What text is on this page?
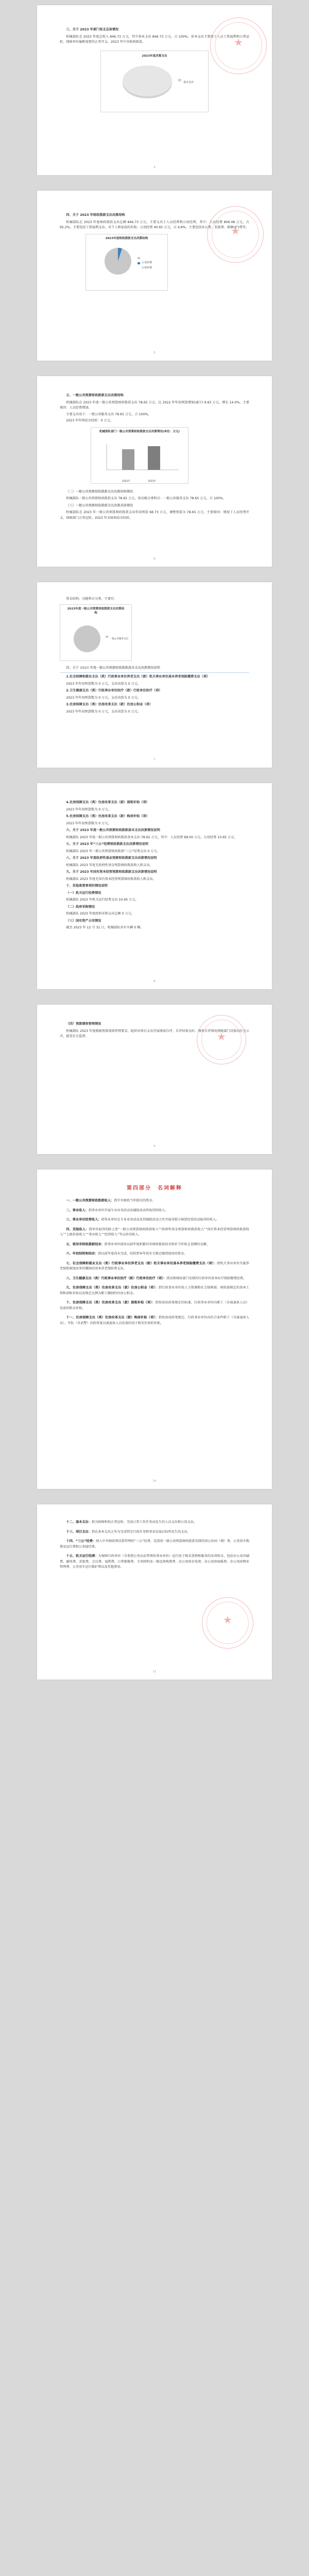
★
三、关于 2023 年部门收支总体情况
机械部队在 2023 年度总收入 846.73 万元，其中基本支出 846.73 万元，占 100%。基本支出主要用于人员工资福利和日常运转，保障单位履职需要的正常开支。2023 年中央财政拨款。
2023年度决算支出
基本支出
4
★
四、关于 2023 年财政拨款支出决算结构
机械部队在 2023 年度财政拨款支出总额 846.73 万元，主要支出于人员经费和公用经费，其中：人员经费 806.08 万元，占 95.2%，主要包括工资福利支出、对个人和家庭的补助；公用经费 40.65 万元，占 4.8%，主要包括办公费、差旅费、维修(护)费等。
2023年度财政拨款支出决算结构
人员经费
公用经费
5
五、一般公共预算财政拨款支出决算结构
机械部队在 2023 年度一般公共预算财政拨款支出 78.65 万元，比 2022 年年初预算增加(减少) 9.63 万元，增长 14.0%。主要原因：人员经费增加。
主要支出用于：一般公共服务支出 78.65 万元，占 100%。
2023 年年终结余结转：0 万元。
机械部队部门一般公共预算财政拨款支出决算情况(单位：万元)
2022年	2023年
（二）一般公共预算财政拨款支出决算结构情况
机械部队一般公共预算财政拨款支出 78.65 万元，按功能分类科目：一般公共服务支出 78.65 万元，占 100%。
（三）一般公共预算财政拨款支出决算具体情况
机械部队在 2023 年一般公共预算财政拨款支出年初预算 68.73 万元，调整预算为 78.65 万元。主要原因：增加了人员经费开支，保障部门正常运转，2023 年末财政结余结转。
6
资金结构：功能科目分类，主要有：
2023年度一般公共预算财政拨款支出决算结构
一般公共服务支出
四、关于 2023 年度一般公共预算财政拨款基本支出决算情况说明
1.社会保障和就业支出（类）行政事业单位养老支出（款）机关事业单位基本养老保险缴费支出（项）
2023 年年初预算数为 0 万元，支出决算为 0 万元。
2.卫生健康支出（类）行政事业单位医疗（款）行政单位医疗（项）
2023 年年初预算数为 0 万元，支出决算为 0 万元。
3.住房保障支出（类）住房改革支出（款）住房公积金（项）
2023 年年初预算数为 0 万元，支出决算为 0 万元。
7
4.住房保障支出（类）住房改革支出（款）提租补贴（项）
2023 年年初预算数为 0 万元。
5.住房保障支出（类）住房改革支出（款）购房补贴（项）
2023 年年初预算数为 0 万元。
六、关于 2023 年度一般公共预算财政拨款基本支出决算情况说明
机械部队 2023 年度一般公共预算财政拨款基本支出 78.65 万元，其中：人员经费 68.00 万元，公用经费 10.65 万元。
七、关于 2023 年“三公”经费财政拨款支出决算情况说明
机械部队 2023 年一般公共预算财政拨款“三公”经费支出 0 万元。
八、关于 2023 年度政府性基金预算财政拨款支出决算情况说明
机械部队 2023 年度无政府性基金预算财政拨款收入和支出。
九、关于 2023 年国有资本经营预算财政拨款支出决算情况说明
机械部队 2023 年度无国有资本经营预算财政拨款收入和支出。
十、其他重要事项的情况说明
（一）机关运行经费情况
机械部队 2023 年机关运行经费支出 10.65 万元。
（二）政府采购情况
机械部队 2023 年度政府采购支出总额 0 万元。
（三）国有资产占用情况
截至 2023 年 12 月 31 日，机械部队共有车辆 0 辆。
8
★
（四）预算绩效管理情况
机械部队 2023 年度根据预算绩效管理要求，组织对项目支出开展绩效自评，自评结果良好。绩效自评情况将随部门决算向社会公开，接受社会监督。
9
第四部分　名词解释
一、一般公共预算财政拨款收入：指中央财政当年拨付的资金。
二、事业收入：指事业单位开展专业业务活动及辅助活动所取得的收入。
三、事业单位经营收入：指事业单位在专业业务活动及其辅助活动之外开展非独立核算经营活动取得的收入。
四、其他收入：指单位取得的除上述“一般公共预算财政拨款收入”“政府性基金预算财政拨款收入”“国有资本经营预算财政拨款收入”“上级补助收入”“事业收入”“经营收入”等以外的收入。
五、使用非财政拨款结余：指事业单位使用以前年度积累的非财政拨款结余弥补当年收支差额的金额。
六、年初结转和结余：指以前年度尚未完成、结转到本年按有关规定继续使用的资金。
七、社会保障和就业支出（类）行政事业单位养老支出（款）机关事业单位基本养老保险缴费支出（项）：指机关事业单位实施养老保险制度由单位缴纳的基本养老保险费支出。
八、卫生健康支出（类）行政事业单位医疗（款）行政单位医疗（项）：指反映财政部门安排的行政单位基本医疗保险缴费经费。
九、住房保障支出（类）住房改革支出（款）住房公积金（项）：指行政事业单位按人力资源和社会保障部、财政部规定的基本工资和津贴补贴以及规定比例为职工缴纳的住房公积金。
十、住房保障支出（类）住房改革支出（款）提租补贴（项）：指按房改政策规定的标准，行政事业单位向职工（含离退休人员）发放的租金补贴。
十一、住房保障支出（类）住房改革支出（款）购房补贴（项）：指按房改政策规定，行政事业单位向符合条件职工（含离退休人员）、军队（含武警）向转役复员离退休人员发放的用于购买住房的补贴。
10
★
十二、基本支出：指为保障机构正常运转、完成日常工作任务而发生的人员支出和公用支出。
十三、项目支出：指在基本支出之外为完成特定行政任务和事业发展目标所发生的支出。
十四、“三公”经费：纳入中央财政预决算管理的“三公”经费，是指用一般公共预算财政拨款安排的因公出国（境）费、公务用车购置及运行费和公务接待费。
十五、机关运行经费：为保障行政单位（含参照公务员法管理的事业单位）运行用于购买货物和服务的各项资金，包括办公及印刷费、邮电费、差旅费、会议费、福利费、日常维修费、专用材料及一般设备购置费、办公用房水电费、办公用房取暖费、办公用房物业管理费、公务用车运行维护费以及其他费用。
11
